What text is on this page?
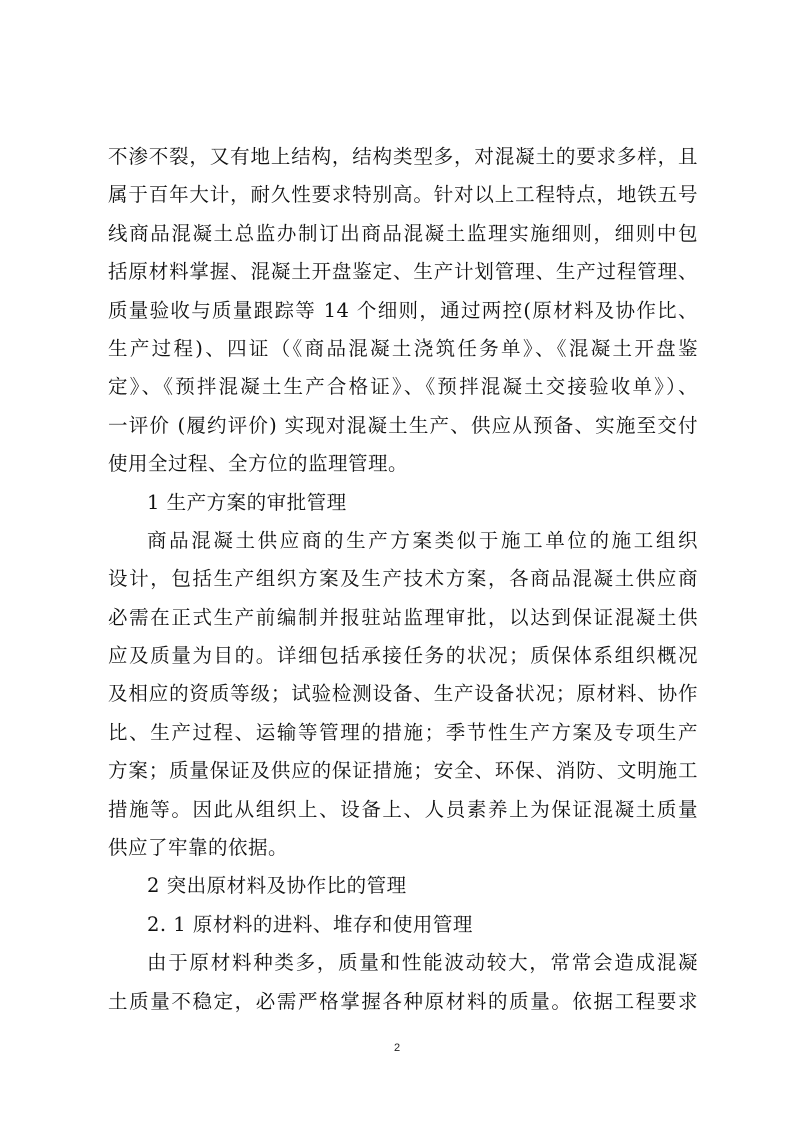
不渗不裂，又有地上结构，结构类型多，对混凝土的要求多样，且
属于百年大计，耐久性要求特别高。针对以上工程特点，地铁五号
线商品混凝土总监办制订出商品混凝土监理实施细则，细则中包
括原材料掌握、混凝土开盘鉴定、生产计划管理、生产过程管理、
质量验收与质量跟踪等 14 个细则，通过两控(原材料及协作比、
生产过程)、四证（《商品混凝土浇筑任务单》、《混凝土开盘鉴
定》、《预拌混凝土生产合格证》、《预拌混凝土交接验收单》）、
一评价 (履约评价) 实现对混凝土生产、供应从预备、实施至交付
使用全过程、全方位的监理管理。
1 生产方案的审批管理
商品混凝土供应商的生产方案类似于施工单位的施工组织
设计，包括生产组织方案及生产技术方案，各商品混凝土供应商
必需在正式生产前编制并报驻站监理审批，以达到保证混凝土供
应及质量为目的。详细包括承接任务的状况；质保体系组织概况
及相应的资质等级；试验检测设备、生产设备状况；原材料、协作
比、生产过程、运输等管理的措施；季节性生产方案及专项生产
方案；质量保证及供应的保证措施；安全、环保、消防、文明施工
措施等。因此从组织上、设备上、人员素养上为保证混凝土质量
供应了牢靠的依据。
2 突出原材料及协作比的管理
2. 1 原材料的进料、堆存和使用管理
由于原材料种类多，质量和性能波动较大，常常会造成混凝
土质量不稳定，必需严格掌握各种原材料的质量。依据工程要求
2
